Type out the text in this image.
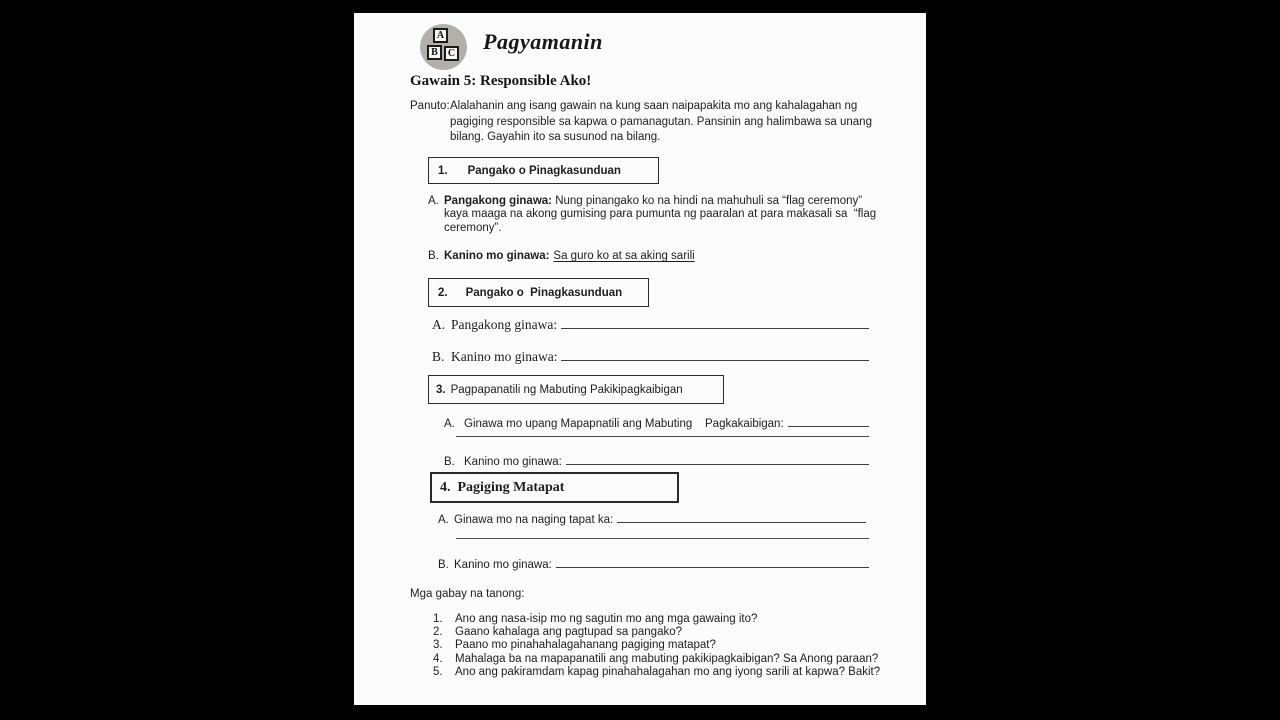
A
B	C Pagyamanin
Gawain 5: Responsible Ako!
Panuto: Alalahanin ang isang gawain na kung saan naipapakita mo ang kahalagahan ng pagiging responsible sa kapwa o pamanagutan. Pansinin ang halimbawa sa unang bilang. Gayahin ito sa susunod na bilang.
1. Pangako o Pinagkasunduan
A. Pangakong ginawa: Nung pinangako ko na hindi na mahuhuli sa “flag ceremony” kaya maaga na akong gumising para pumunta ng paaralan at para makasali sa  “flag ceremony”.
B. Kanino mo ginawa: Sa guro ko at sa aking sarili
2. Pangako o  Pinagkasunduan
A. Pangakong ginawa:
B. Kanino mo ginawa:
3. Pagpapanatili ng Mabuting Pakikipagkaibigan
A. Ginawa mo upang Mapapnatili ang Mabuting    Pagkakaibigan:
B. Kanino mo ginawa:
4. Pagiging Matapat
A. Ginawa mo na naging tapat ka:
B. Kanino mo ginawa:
Mga gabay na tanong:
1.	Ano ang nasa-isip mo ng sagutin mo ang mga gawaing ito?
2.	Gaano kahalaga ang pagtupad sa pangako?
3.	Paano mo pinahahalagahanang pagiging matapat?
4.	Mahalaga ba na mapapanatili ang mabuting pakikipagkaibigan? Sa Anong paraan?
5.	Ano ang pakiramdam kapag pinahahalagahan mo ang iyong sarili at kapwa? Bakit?
